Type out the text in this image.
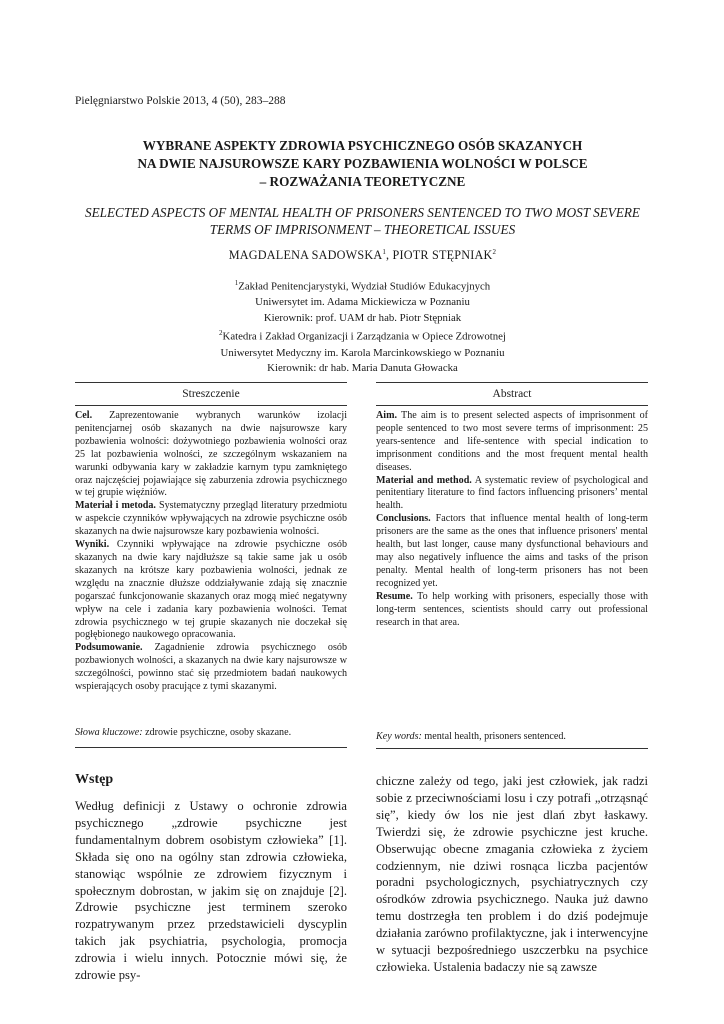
Pielęgniarstwo Polskie 2013, 4 (50), 283–288
WYBRANE ASPEKTY ZDROWIA PSYCHICZNEGO OSÓB SKAZANYCH
NA DWIE NAJSUROWSZE KARY POZBAWIENIA WOLNOŚCI W POLSCE
– ROZWAŻANIA TEORETYCZNE
SELECTED ASPECTS OF MENTAL HEALTH OF PRISONERS SENTENCED TO TWO MOST SEVERE
TERMS OF IMPRISONMENT – THEORETICAL ISSUES
MAGDALENA SADOWSKA$^1$, PIOTR STĘPNIAK$^2$
$^1$Zakład Penitencjarystyki, Wydział Studiów Edukacyjnych
Uniwersytet im. Adama Mickiewicza w Poznaniu
Kierownik: prof. UAM dr hab. Piotr Stępniak
$^2$Katedra i Zakład Organizacji i Zarządzania w Opiece Zdrowotnej
Uniwersytet Medyczny im. Karola Marcinkowskiego w Poznaniu
Kierownik: dr hab. Maria Danuta Głowacka
Streszczenie

Cel. Zaprezentowanie wybranych warunków izolacji penitencjarnej osób skazanych na dwie najsurowsze kary pozbawienia wolności: dożywotniego pozbawienia wolności oraz 25 lat pozbawienia wolności, ze szczególnym wskazaniem na warunki odbywania kary w zakładzie karnym typu zamkniętego oraz najczęściej pojawiające się zaburzenia zdrowia psychicznego w tej grupie więźniów.

Materiał i metoda. Systematyczny przegląd literatury przedmiotu w aspekcie czynników wpływających na zdrowie psychiczne osób skazanych na dwie najsurowsze kary pozbawienia wolności.

Wyniki. Czynniki wpływające na zdrowie psychiczne osób skazanych na dwie kary najdłuższe są takie same jak u osób skazanych na krótsze kary pozbawienia wolności, jednak ze względu na znacznie dłuższe oddziaływanie zdają się znacznie pogarszać funkcjonowanie skazanych oraz mogą mieć negatywny wpływ na cele i zadania kary pozbawienia wolności. Temat zdrowia psychicznego w tej grupie skazanych nie doczekał się pogłębionego naukowego opracowania.

Podsumowanie. Zagadnienie zdrowia psychicznego osób pozbawionych wolności, a skazanych na dwie kary najsurowsze w szczególności, powinno stać się przedmiotem badań naukowych wspierających osoby pracujące z tymi skazanymi.

Słowa kluczowe: zdrowie psychiczne, osoby skazane.
Abstract

Aim. The aim is to present selected aspects of imprisonment of people sentenced to two most severe terms of imprisonment: 25 years-sentence and life-sentence with special indication to imprisonment conditions and the most frequent mental health diseases.

Material and method. A systematic review of psychological and penitentiary literature to find factors influencing prisoners’ mental health.

Conclusions. Factors that influence mental health of long-term prisoners are the same as the ones that influence prisoners' mental health, but last longer, cause many dysfunctional behaviours and may also negatively influence the aims and tasks of the prison penalty. Mental health of long-term prisoners has not been recognized yet.

Resume. To help working with prisoners, especially those with long-term sentences, scientists should carry out professional research in that area.

Key words: mental health, prisoners sentenced.
Wstęp

Według definicji z Ustawy o ochronie zdrowia psychicznego „zdrowie psychiczne jest fundamentalnym dobrem osobistym człowieka” [1]. Składa się ono na ogólny stan zdrowia człowieka, stanowiąc wspólnie ze zdrowiem fizycznym i społecznym dobrostan, w jakim się on znajduje [2]. Zdrowie psychiczne jest terminem szeroko rozpatrywanym przez przedstawicieli dyscyplin takich jak psychiatria, psychologia, promocja zdrowia i wielu innych. Potocznie mówi się, że zdrowie psy-

chiczne zależy od tego, jaki jest człowiek, jak radzi sobie z przeciwnościami losu i czy potrafi „otrząsnąć się”, kiedy ów los nie jest dlań zbyt łaskawy. Twierdzi się, że zdrowie psychiczne jest kruche. Obserwując obecne zmagania człowieka z życiem codziennym, nie dziwi rosnąca liczba pacjentów poradni psychologicznych, psychiatrycznych czy ośrodków zdrowia psychicznego. Nauka już dawno temu dostrzegła ten problem i do dziś podejmuje działania zarówno profilaktyczne, jak i interwencyjne w sytuacji bezpośredniego uszczerbku na psychice człowieka. Ustalenia badaczy nie są zawsze
